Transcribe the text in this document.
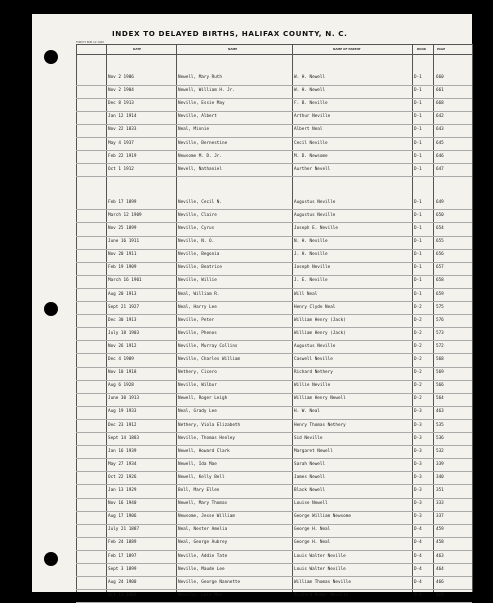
INDEX TO DELAYED BIRTHS, HALIFAX COUNTY, N. C.
FORM 5 BUR 12 1940
DATE	NAME	NAME OF PARENT	BOOK	PAGE
Nov 2 1906	Newell, Mary Ruth	W. H. Newell	D-1	660
Nov 2 1904	Newell, William H. Jr.	W. H. Newell	D-1	661
Dec 8 1913	Neville, Essie May	F. B. Neville	D-1	668
Jan 12 1914	Neville, Albert	Arthur Neville	D-1	642
Nov 22 1833	Neal, Minnie	Albert Neal	D-1	643
May 4 1937	Neville, Bernestine	Cecil Neville	D-1	645
Feb 22 1919	Newsome M. D. Jr.	M. D. Newsome	D-1	646
Oct 1 1912	Nevell, Nathaniel	Aurther Nevell	D-1	647
Feb 17 1899	Neville, Cecil N.	Augustus Neville	D-1	649
March 12 1909	Neville, Claire	Augustus Neville	D-1	650
Nov 25 1899	Neville, Cyrus	Joseph E. Neville	D-1	654
June 16 1911	Neville, N. O.	N. H. Neville	D-1	655
Nov 20 1911	Neville, Begonia	J. H. Neville	D-1	656
Feb 19 1909	Neville, Beatrice	Joseph Neville	D-1	657
March 16 1901	Neville, Willie	J. E. Neville	D-1	658
Aug 20 1913	Neal, William R.	Will Neal	D-1	659
Sept 21 1927	Neal, Harry Lee	Henry Clyde Neal	D-2	575
Dec 30 1913	Neville, Peter	William Henry (Jack)	D-2	576
July 18 1903	Neville, Phenos	William Henry (Jack)	D-2	573
Nov 26 1912	Neville, Murray Collins	Augustus Neville	D-2	572
Dec 4 1909	Neville, Charles William	Caswell Neville	D-2	568
Nov 10 1918	Nethery, Cicero	Richard Nethery	D-2	569
Aug 6 1928	Neville, Wilbur	Willie Neville	D-2	566
June 30 1913	Newell, Roger Leigh	William Henry Newell	D-2	564
Aug 19 1933	Neal, Grady Lee	H. W. Neal	D-3	463
Dec 23 1912	Nethery, Viola Elizabeth	Henry Thomas Nethery	D-3	535
Sept 14 1883	Neville, Thomas Henley	Sid Neville	D-3	536
Jan 16 1939	Newell, Howard Clark	Margaret Newell	D-3	532
May 27 1934	Newell, Ida Mae	Sarah Newell	D-3	339
Oct 22 1926	Newell, Kelly Bell	James Newell	D-3	340
Jan 13 1929	Bell, Mary Ellen	Black Newell	D-3	351
Nov 16 1940	Newell, Mary Thomas	Louise Newell	D-3	333
Aug 17 1906	Newsome, Jesse William	George William Newsome	D-3	337
July 21 1887	Neal, Nester Amelia	George H. Neal	D-4	459
Feb 24 1889	Neal, George Aubrey	George H. Neal	D-4	458
Feb 17 1897	Neville, Addie Tate	Louis Walter Neville	D-4	463
Sept 3 1899	Neville, Maude Lee	Louis Walter Neville	D-4	464
Aug 24 1900	Neville, George Nannette	William Thomas Neville	D-4	466
Oct 11 1903	Neville, Lois Mae	Richard Homer Neville	D-4	467
